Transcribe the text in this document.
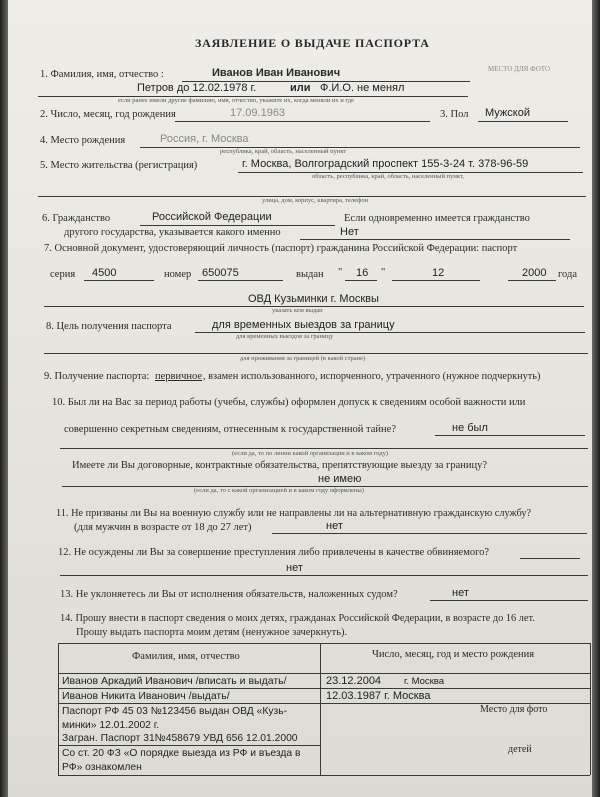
ЗАЯВЛЕНИЕ О ВЫДАЧЕ ПАСПОРТА
МЕСТО ДЛЯ ФОТО
1. Фамилия, имя, отчество :	Иванов Иван Иванович
Петров до 12.02.1978 г.	или Ф.И.О. не менял
если ранее имели другие фамилию, имя, отчество, укажите их, когда меняли их и где
2. Число, месяц, год рождения	17.09.1963	3. Пол Мужской
4. Место рождения	Россия, г. Москва
республика, край, область, населенный пункт
5. Место жительства (регистрация)	г. Москва, Волгоградский проспект 155-3-24 т. 378-96-59
область, республика, край, область, населенный пункт,
улица, дом, корпус, квартира, телефон
6. Гражданство	Российской Федерации	Если одновременно имеется гражданство
другого государства, указывается какого именно	Нет
7. Основной документ, удостоверяющий личность (паспорт) гражданина Российской Федерации: паспорт
серия 4500	номер 650075	выдан " 16 "	12	2000 года
ОВД Кузьминки г. Москвы
указать кем выдан
8. Цель получения паспорта	для временных выездов за границу
для временных выездов за границу
для проживания за границей (в какой стране)
9. Получение паспорта: первичное , взамен использованного, испорченного, утраченного (нужное подчеркнуть)
10. Был ли на Вас за период работы (учебы, службы) оформлен допуск к сведениям особой важности или
совершенно секретным сведениям, отнесенным к государственной тайне?	не был
(если да, то по линии какой организации и в каком году)
Имеете ли Вы договорные, контрактные обязательства, препятствующие выезду за границу?
не имею
(если да, то с какой организацией и в каком году оформлены)
11. Не призваны ли Вы на военную службу или не направлены ли на альтернативную гражданскую службу?
(для мужчин в возрасте от 18 до 27 лет)	нет
12. Не осуждены ли Вы за совершение преступления либо привлечены в качестве обвиняемого?
нет
13. Не уклоняетесь ли Вы от исполнения обязательств, наложенных судом?	нет
14. Прошу внести в паспорт сведения о моих детях, гражданах Российской Федерации, в возрасте до 16 лет.
Прошу выдать паспорта моим детям (ненужное зачеркнуть).
Фамилия, имя, отчество	Число, месяц, год и место рождения
Иванов Аркадий Иванович /вписать и выдать/	23.12.2004 г. Москва
Иванов Никита Иванович /выдать/	12.03.1987 г. Москва
Паспорт РФ 45 03 №123456 выдан ОВД «Кузь-
минки» 12.01.2002 г.
Загран. Паспорт 31№458679 УВД 656 12.01.2000
Со ст. 20 ФЗ «О порядке выезда из РФ и въезда в
РФ» ознакомлен
Место для фото
детей
